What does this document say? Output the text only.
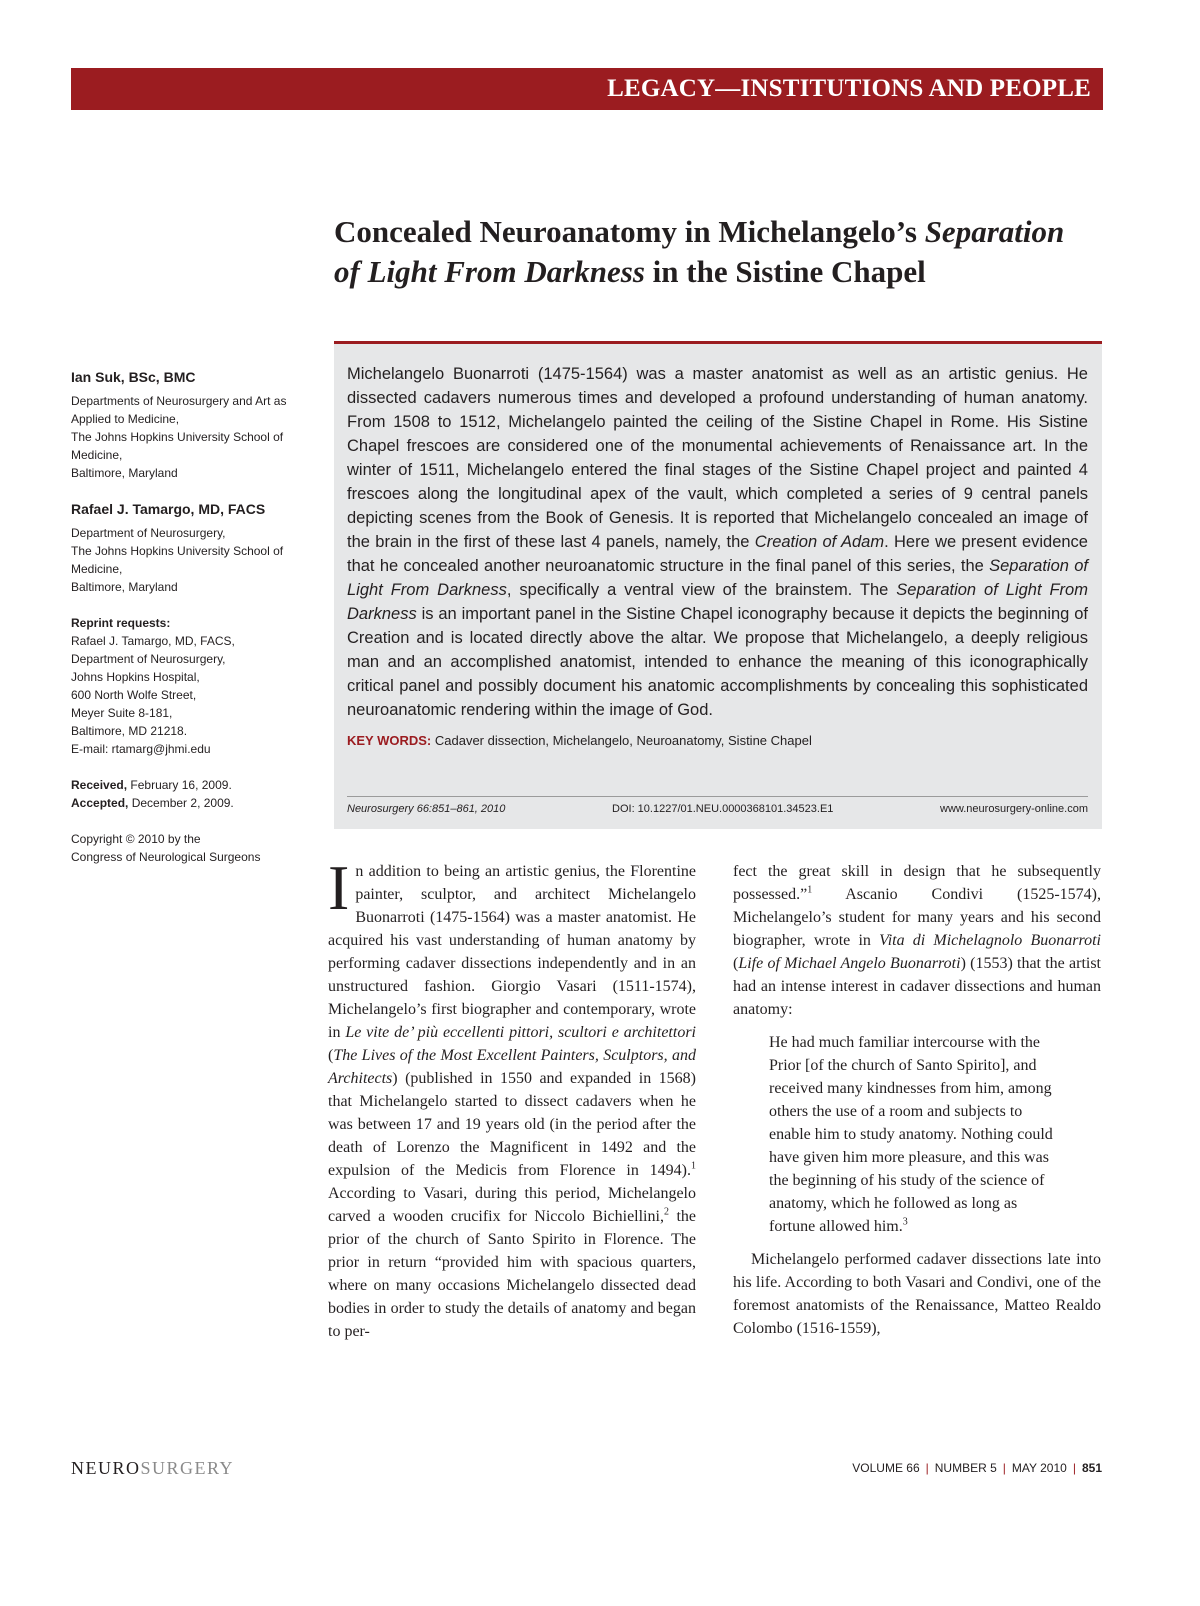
LEGACY—INSTITUTIONS AND PEOPLE
Concealed Neuroanatomy in Michelangelo’s Separation of Light From Darkness in the Sistine Chapel
Ian Suk, BSc, BMC
Departments of Neurosurgery and Art as Applied to Medicine,
The Johns Hopkins University School of Medicine,
Baltimore, Maryland
Rafael J. Tamargo, MD, FACS
Department of Neurosurgery,
The Johns Hopkins University School of Medicine,
Baltimore, Maryland
Reprint requests:
Rafael J. Tamargo, MD, FACS,
Department of Neurosurgery,
Johns Hopkins Hospital,
600 North Wolfe Street,
Meyer Suite 8-181,
Baltimore, MD 21218.
E-mail: rtamarg@jhmi.edu
Received, February 16, 2009.
Accepted, December 2, 2009.
Copyright © 2010 by the
Congress of Neurological Surgeons

Michelangelo Buonarroti (1475-1564) was a master anatomist as well as an artistic genius. He dissected cadavers numerous times and developed a profound understanding of human anatomy. From 1508 to 1512, Michelangelo painted the ceiling of the Sistine Chapel in Rome. His Sistine Chapel frescoes are considered one of the monumental achievements of Renaissance art. In the winter of 1511, Michelangelo entered the final stages of the Sistine Chapel project and painted 4 frescoes along the longitudinal apex of the vault, which completed a series of 9 central panels depicting scenes from the Book of Genesis. It is reported that Michelangelo concealed an image of the brain in the first of these last 4 panels, namely, the Creation of Adam. Here we present evidence that he concealed another neuroanatomic structure in the final panel of this series, the Separation of Light From Darkness, specifically a ventral view of the brainstem. The Separation of Light From Darkness is an important panel in the Sistine Chapel iconography because it depicts the beginning of Creation and is located directly above the altar. We propose that Michelangelo, a deeply religious man and an accomplished anatomist, intended to enhance the meaning of this iconographically critical panel and possibly document his anatomic accomplishments by concealing this sophisticated neuroanatomic rendering within the image of God.

KEY WORDS: Cadaver dissection, Michelangelo, Neuroanatomy, Sistine Chapel
Neurosurgery 66:851–861, 2010	DOI: 10.1227/01.NEU.0000368101.34523.E1	www.neurosurgery-online.com

In addition to being an artistic genius, the Florentine painter, sculptor, and architect Michelangelo Buonarroti (1475-1564) was a master anatomist. He acquired his vast understanding of human anatomy by performing cadaver dissections independently and in an unstructured fashion. Giorgio Vasari (1511-1574), Michelangelo’s first biographer and contemporary, wrote in Le vite de’ più eccellenti pittori, scultori e architettori (The Lives of the Most Excellent Painters, Sculptors, and Architects) (published in 1550 and expanded in 1568) that Michelangelo started to dissect cadavers when he was between 17 and 19 years old (in the period after the death of Lorenzo the Magnificent in 1492 and the expulsion of the Medicis from Florence in 1494).$^1$ According to Vasari, during this period, Michelangelo carved a wooden crucifix for Niccolo Bichiellini,$^2$ the prior of the church of Santo Spirito in Florence. The prior in return “provided him with spacious quarters, where on many occasions Michelangelo dissected dead bodies in order to study the details of anatomy and began to per-

fect the great skill in design that he subsequently possessed.”$^1$ Ascanio Condivi (1525-1574), Michelangelo’s student for many years and his second biographer, wrote in Vita di Michelagnolo Buonarroti (Life of Michael Angelo Buonarroti) (1553) that the artist had an intense interest in cadaver dissections and human anatomy:

He had much familiar intercourse with the Prior [of the church of Santo Spirito], and received many kindnesses from him, among others the use of a room and subjects to enable him to study anatomy. Nothing could have given him more pleasure, and this was the beginning of his study of the science of anatomy, which he followed as long as fortune allowed him.$^3$

Michelangelo performed cadaver dissections late into his life. According to both Vasari and Condivi, one of the foremost anatomists of the Renaissance, Matteo Realdo Colombo (1516-1559),

NEUROSURGERY	VOLUME 66 | NUMBER 5 | MAY 2010 | 851
